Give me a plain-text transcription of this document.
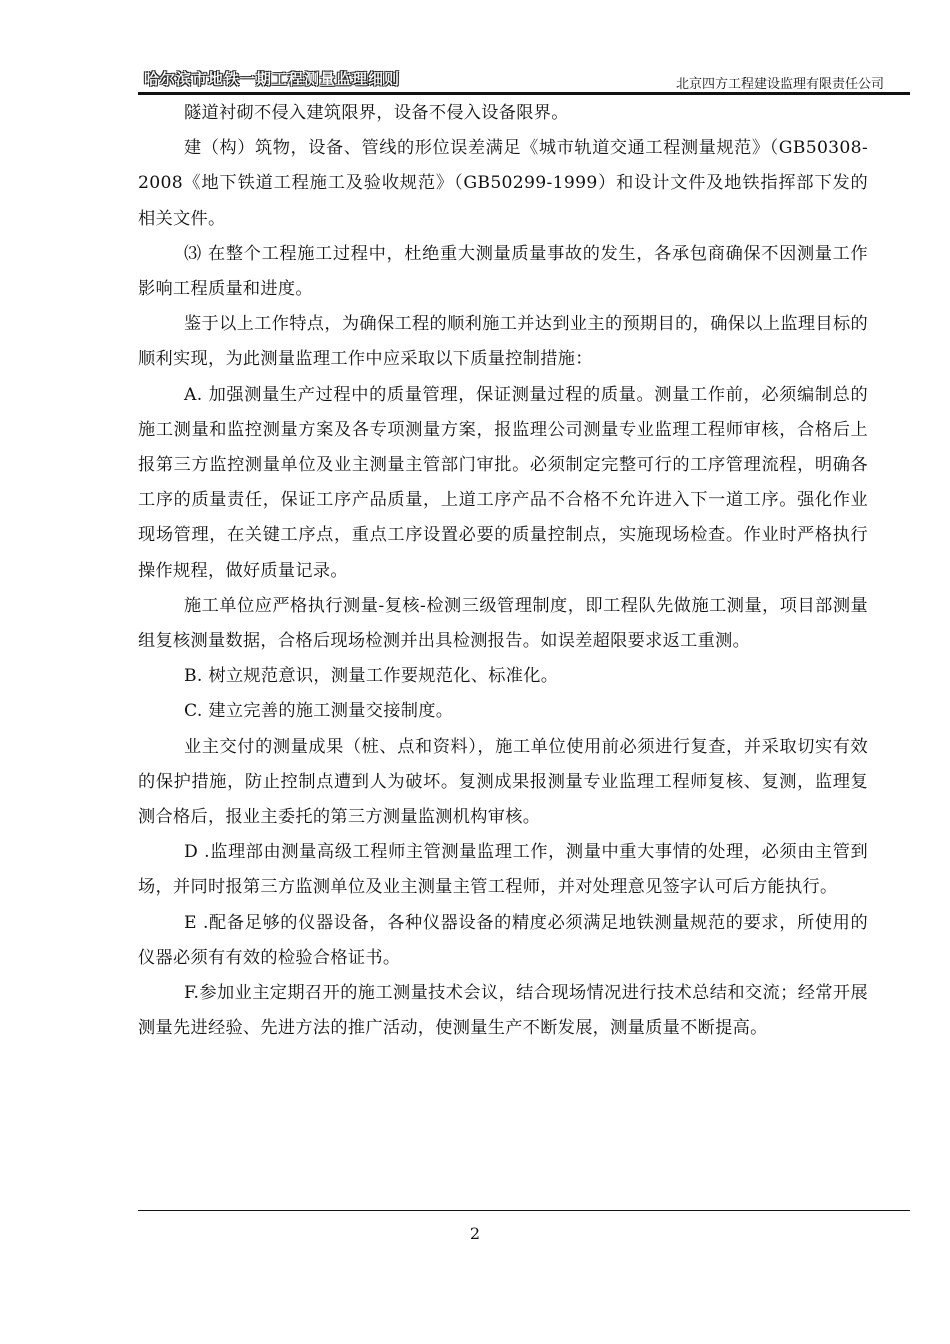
哈尔滨市地铁一期工程测量监理细则	北京四方工程建设监理有限责任公司

隧道衬砌不侵入建筑限界，设备不侵入设备限界。

建（构）筑物，设备、管线的形位误差满足《城市轨道交通工程测量规范》（GB50308-2008《地下铁道工程施工及验收规范》（GB50299-1999）和设计文件及地铁指挥部下发的相关文件。

⑶ 在整个工程施工过程中，杜绝重大测量质量事故的发生，各承包商确保不因测量工作影响工程质量和进度。

鉴于以上工作特点，为确保工程的顺利施工并达到业主的预期目的，确保以上监理目标的顺利实现，为此测量监理工作中应采取以下质量控制措施：

A. 加强测量生产过程中的质量管理，保证测量过程的质量。测量工作前，必须编制总的施工测量和监控测量方案及各专项测量方案，报监理公司测量专业监理工程师审核，合格后上报第三方监控测量单位及业主测量主管部门审批。必须制定完整可行的工序管理流程，明确各工序的质量责任，保证工序产品质量，上道工序产品不合格不允许进入下一道工序。强化作业现场管理，在关键工序点，重点工序设置必要的质量控制点，实施现场检查。作业时严格执行操作规程，做好质量记录。

施工单位应严格执行测量-复核-检测三级管理制度，即工程队先做施工测量，项目部测量组复核测量数据，合格后现场检测并出具检测报告。如误差超限要求返工重测。

B. 树立规范意识，测量工作要规范化、标准化。

C. 建立完善的施工测量交接制度。

业主交付的测量成果（桩、点和资料），施工单位使用前必须进行复查，并采取切实有效的保护措施，防止控制点遭到人为破坏。复测成果报测量专业监理工程师复核、复测，监理复测合格后，报业主委托的第三方测量监测机构审核。

D .监理部由测量高级工程师主管测量监理工作，测量中重大事情的处理，必须由主管到场，并同时报第三方监测单位及业主测量主管工程师，并对处理意见签字认可后方能执行。

E .配备足够的仪器设备，各种仪器设备的精度必须满足地铁测量规范的要求，所使用的仪器必须有有效的检验合格证书。

F.参加业主定期召开的施工测量技术会议，结合现场情况进行技术总结和交流；经常开展测量先进经验、先进方法的推广活动，使测量生产不断发展，测量质量不断提高。

2
